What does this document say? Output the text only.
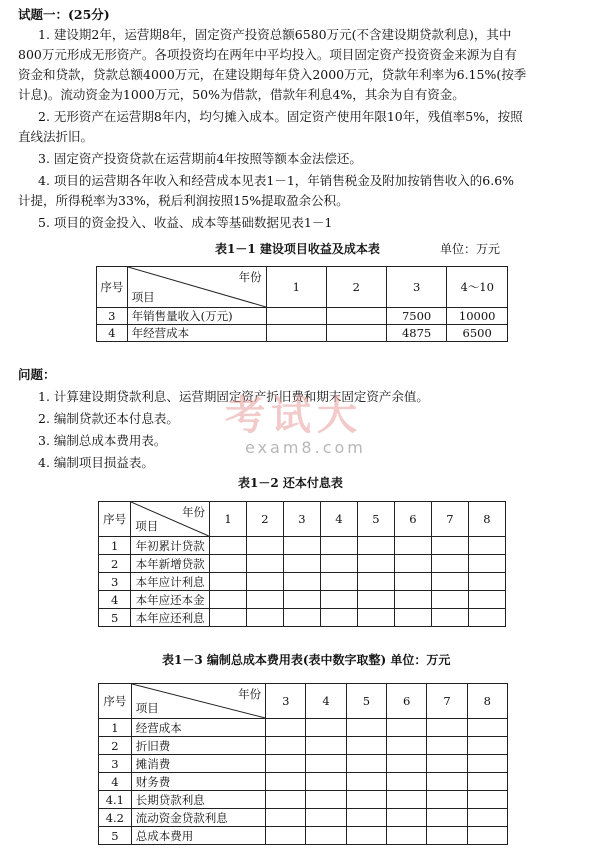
试题一：(25分)
1. 建设期2年，运营期8年，固定资产投资总额6580万元(不含建设期贷款利息)，其中
800万元形成无形资产。各项投资均在两年中平均投入。项目固定资产投资资金来源为自有
资金和贷款，贷款总额4000万元，在建设期每年贷入2000万元，贷款年利率为6.15%(按季
计息)。流动资金为1000万元，50%为借款，借款年利息4%，其余为自有资金。
2. 无形资产在运营期8年内，均匀摊入成本。固定资产使用年限10年，残值率5%，按照
直线法折旧。
3. 固定资产投资贷款在运营期前4年按照等额本金法偿还。
4. 项目的运营期各年收入和经营成本见表1－1，年销售税金及附加按销售收入的6.6%
计提，所得税率为33%，税后利润按照15%提取盈余公积。
5. 项目的资金投入、收益、成本等基础数据见表1－1
表1－1 建设项目收益及成本表	单位：万元
序号	年份
项目	1	2	3	4～10
3	年销售量收入(万元)			7500	10000
4	年经营成本			4875	6500
问题：
1. 计算建设期贷款利息、运营期固定资产折旧费和期末固定资产余值。
2. 编制贷款还本付息表。
3. 编制总成本费用表。
4. 编制项目损益表。
考试大
exam8.com
表1－2 还本付息表
序号	年份
项目	1	2	3	4	5	6	7	8
1	年初累计贷款								
2	本年新增贷款								
3	本年应计利息								
4	本年应还本金								
5	本年应还利息								
表1－3 编制总成本费用表(表中数字取整) 单位：万元
序号	年份
项目	3	4	5	6	7	8
1	经营成本						
2	折旧费						
3	摊消费						
4	财务费						
4.1	长期贷款利息						
4.2	流动资金贷款利息						
5	总成本费用						
